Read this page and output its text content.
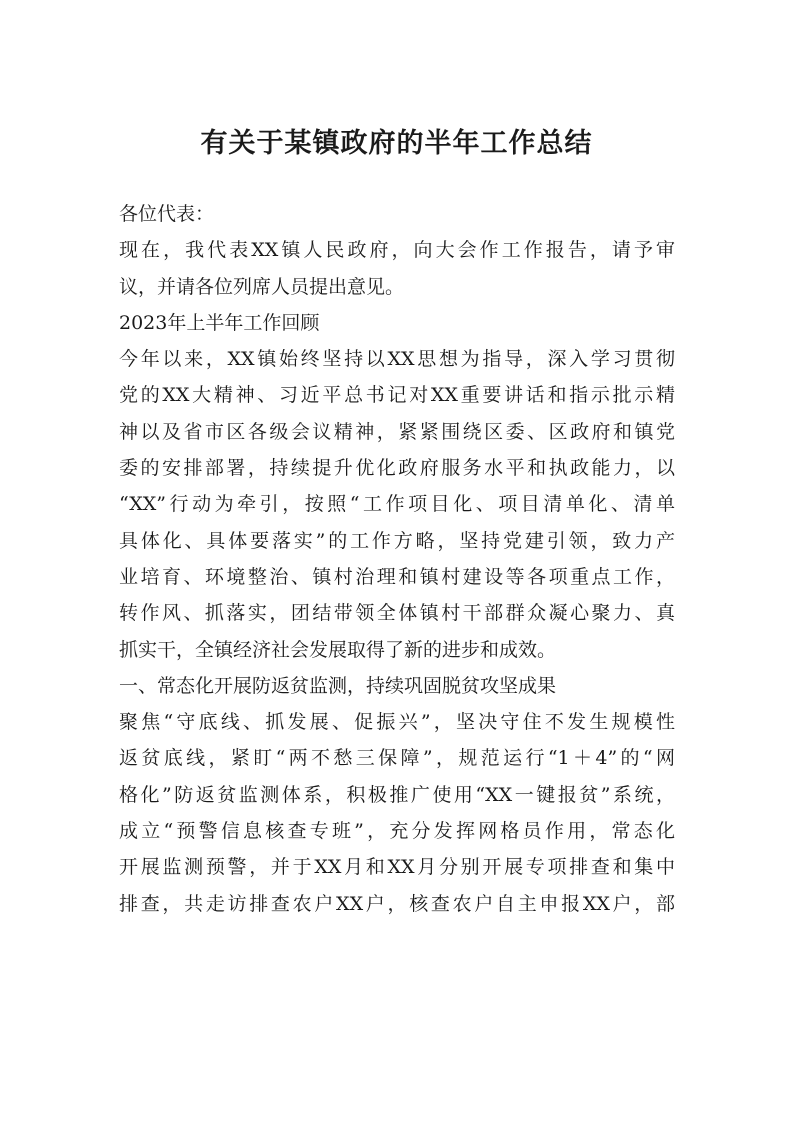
有关于某镇政府的半年工作总结
各位代表：
现在，我代表XX镇人民政府，向大会作工作报告，请予审
议，并请各位列席人员提出意见。
2023年上半年工作回顾
今年以来，XX镇始终坚持以XX思想为指导，深入学习贯彻
党的XX大精神、习近平总书记对XX重要讲话和指示批示精
神以及省市区各级会议精神，紧紧围绕区委、区政府和镇党
委的安排部署，持续提升优化政府服务水平和执政能力，以
“XX”行动为牵引，按照“工作项目化、项目清单化、清单
具体化、具体要落实”的工作方略，坚持党建引领，致力产
业培育、环境整治、镇村治理和镇村建设等各项重点工作，
转作风、抓落实，团结带领全体镇村干部群众凝心聚力、真
抓实干，全镇经济社会发展取得了新的进步和成效。
一、常态化开展防返贫监测，持续巩固脱贫攻坚成果
聚焦“守底线、抓发展、促振兴”，坚决守住不发生规模性
返贫底线，紧盯“两不愁三保障”，规范运行“1＋4”的“网
格化”防返贫监测体系，积极推广使用“XX一键报贫”系统，
成立“预警信息核查专班”，充分发挥网格员作用，常态化
开展监测预警，并于XX月和XX月分别开展专项排查和集中
排查，共走访排查农户XX户，核查农户自主申报XX户，部
